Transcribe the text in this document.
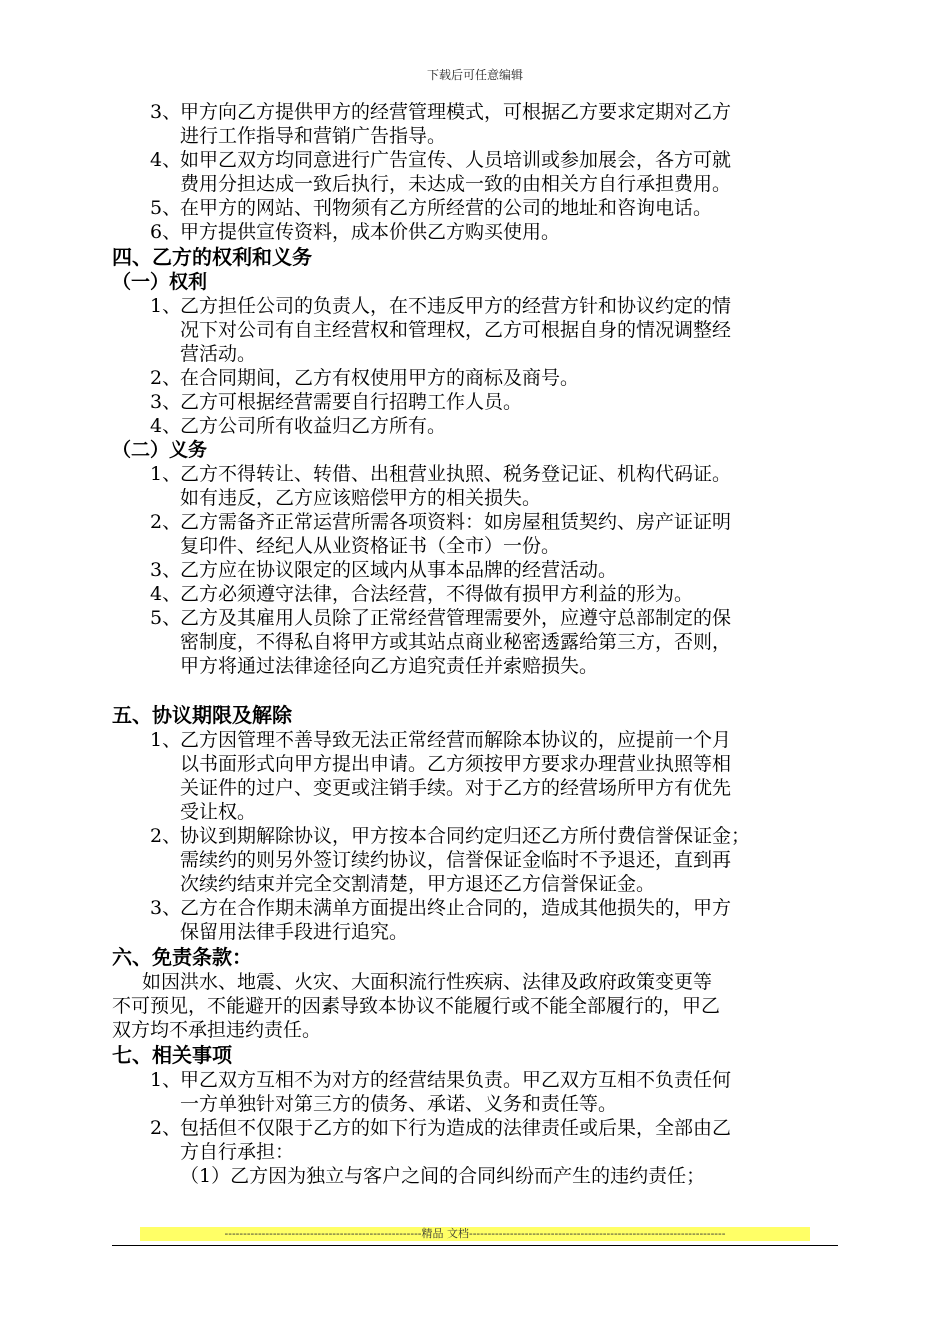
下载后可任意编辑
3、
甲方向乙方提供甲方的经营管理模式，可根据乙方要求定期对乙方
进行工作指导和营销广告指导。
4、
如甲乙双方均同意进行广告宣传、人员培训或参加展会，各方可就
费用分担达成一致后执行，未达成一致的由相关方自行承担费用。
5、
在甲方的网站、刊物须有乙方所经营的公司的地址和咨询电话。
6、
甲方提供宣传资料，成本价供乙方购买使用。
四、乙方的权利和义务
（一）权利
1、
乙方担任公司的负责人，在不违反甲方的经营方针和协议约定的情
况下对公司有自主经营权和管理权，乙方可根据自身的情况调整经
营活动。
2、
在合同期间，乙方有权使用甲方的商标及商号。
3、
乙方可根据经营需要自行招聘工作人员。
4、
乙方公司所有收益归乙方所有。
（二）义务
1、
乙方不得转让、转借、出租营业执照、税务登记证、机构代码证。
如有违反，乙方应该赔偿甲方的相关损失。
2、
乙方需备齐正常运营所需各项资料：如房屋租赁契约、房产证证明
复印件、经纪人从业资格证书（全市）一份。
3、
乙方应在协议限定的区域内从事本品牌的经营活动。
4、
乙方必须遵守法律，合法经营，不得做有损甲方利益的形为。
5、
乙方及其雇用人员除了正常经营管理需要外，应遵守总部制定的保
密制度，不得私自将甲方或其站点商业秘密透露给第三方，否则，
甲方将通过法律途径向乙方追究责任并索赔损失。
五、协议期限及解除
1、
乙方因管理不善导致无法正常经营而解除本协议的，应提前一个月
以书面形式向甲方提出申请。乙方须按甲方要求办理营业执照等相
关证件的过户、变更或注销手续。对于乙方的经营场所甲方有优先
受让权。
2、
协议到期解除协议，甲方按本合同约定归还乙方所付费信誉保证金；
需续约的则另外签订续约协议，信誉保证金临时不予退还，直到再
次续约结束并完全交割清楚，甲方退还乙方信誉保证金。
3、
乙方在合作期未满单方面提出终止合同的，造成其他损失的，甲方
保留用法律手段进行追究。
六、免责条款：
如因洪水、地震、火灾、大面积流行性疾病、法律及政府政策变更等
不可预见，不能避开的因素导致本协议不能履行或不能全部履行的，甲乙
双方均不承担违约责任。
七、相关事项
1、
甲乙双方互相不为对方的经营结果负责。甲乙双方互相不负责任何
一方单独针对第三方的债务、承诺、义务和责任等。
2、
包括但不仅限于乙方的如下行为造成的法律责任或后果，全部由乙
方自行承担：
（1）乙方因为独立与客户之间的合同纠纷而产生的违约责任；
-----------------------------------------------------精品 文档---------------------------------------------------------------------
